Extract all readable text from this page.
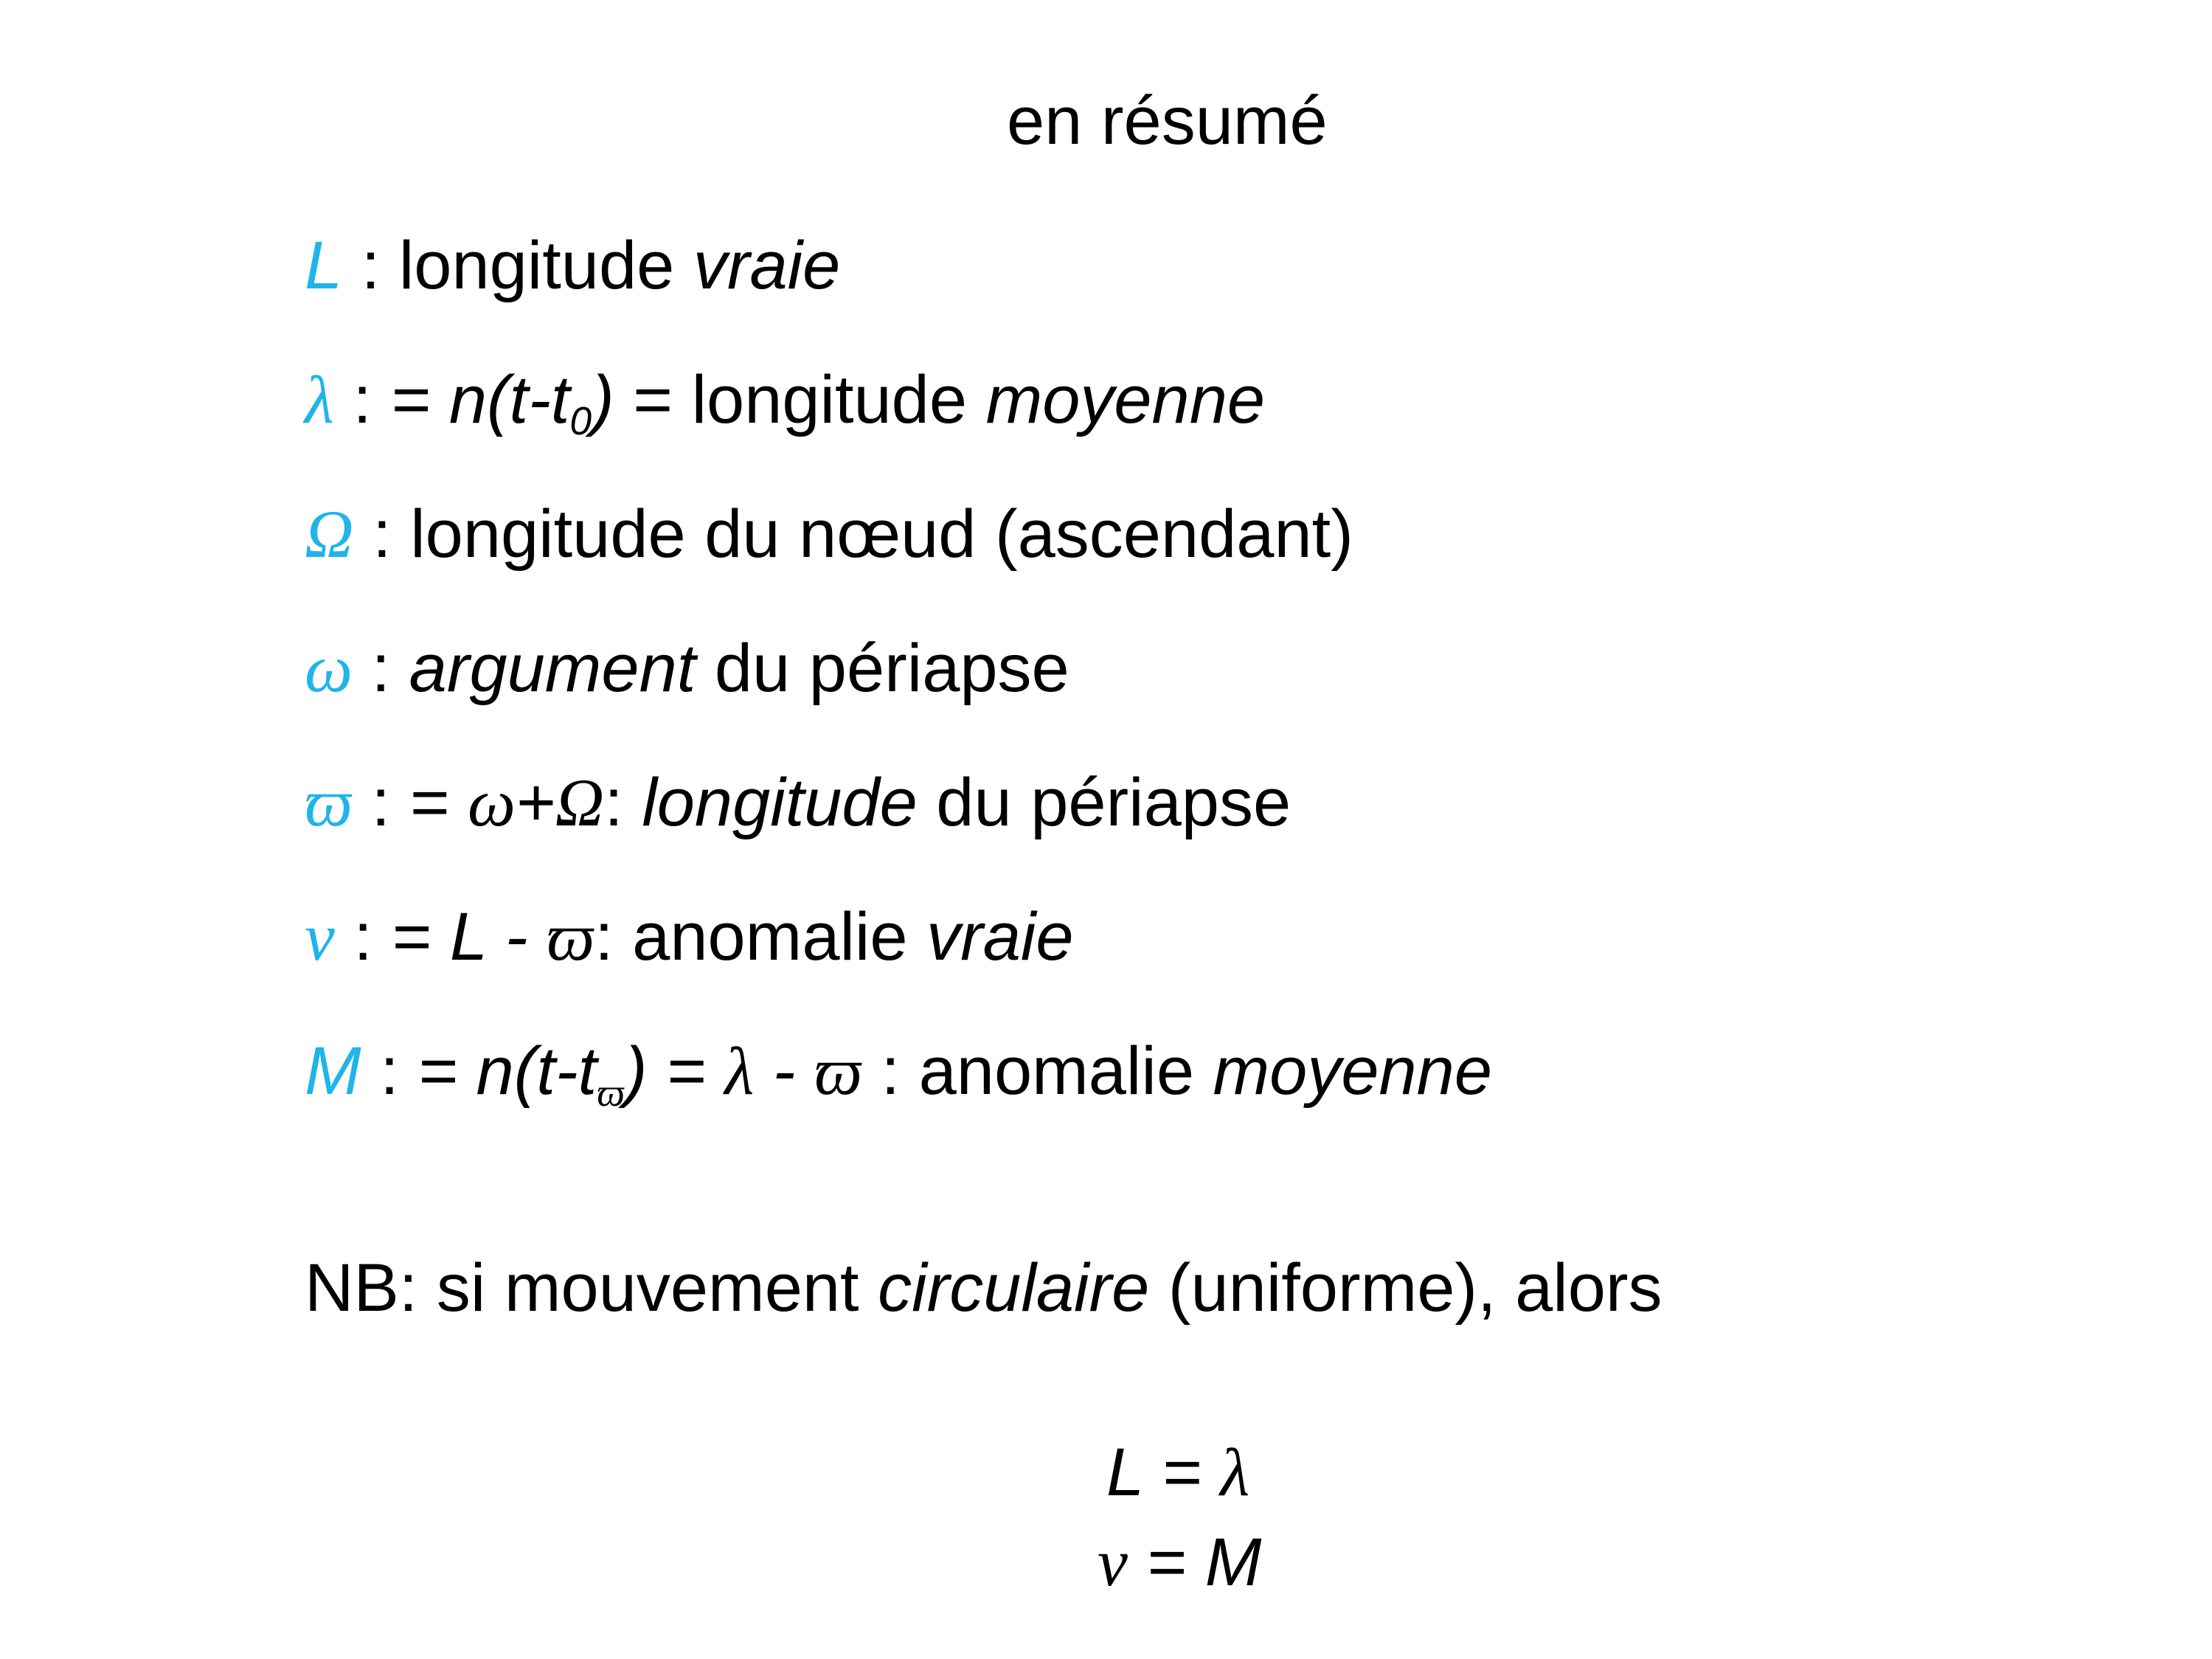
en résumé
L : longitude vraie
λ : = $n(t-t_0)$ = longitude moyenne
Ω : longitude du nœud (ascendant)
ω : argument du périapse
ϖ : = ω+Ω: longitude du périapse
ν : = L - ϖ: anomalie vraie
M : = $n(t-t_ϖ) = \lambda - ϖ$ : anomalie moyenne
NB: si mouvement circulaire (uniforme), alors
L = λ
ν = M
